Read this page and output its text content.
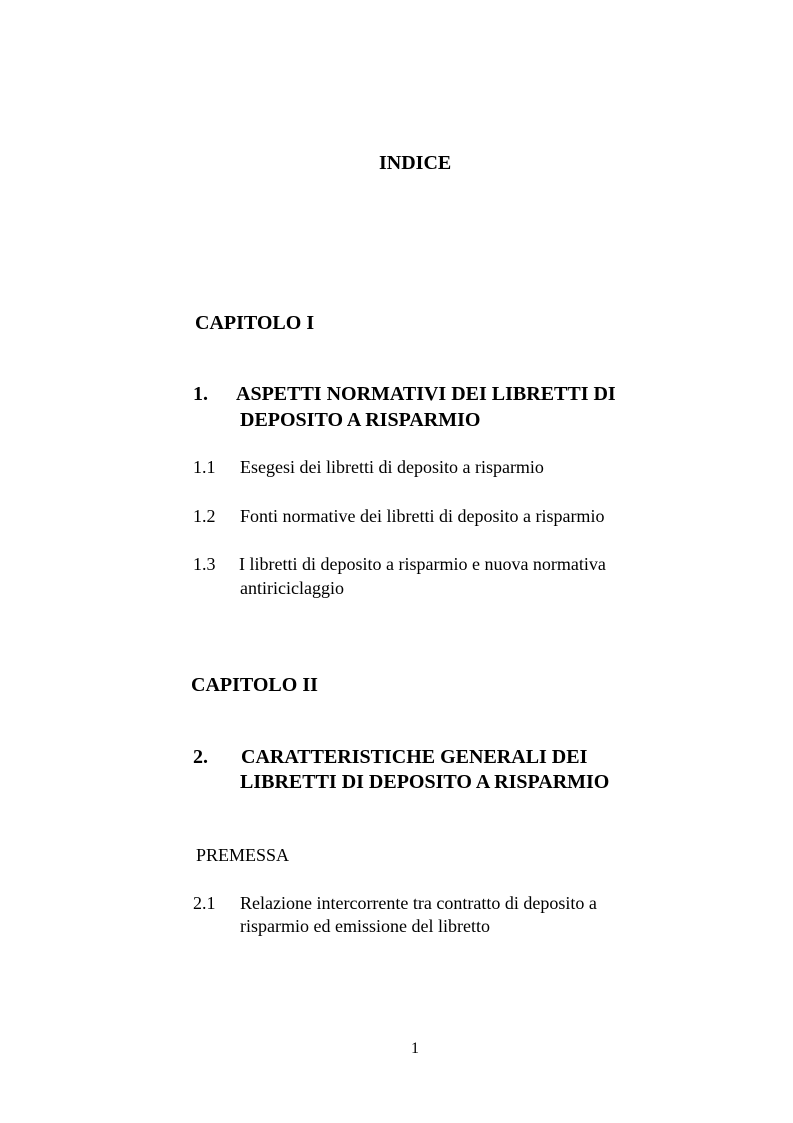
INDICE
CAPITOLO I
1. ASPETTI NORMATIVI DEI LIBRETTI DI
DEPOSITO A RISPARMIO
1.1 Esegesi dei libretti di deposito a risparmio
1.2 Fonti normative dei libretti di deposito a risparmio
1.3 I libretti di deposito a risparmio e nuova normativa
antiriciclaggio
CAPITOLO II
2. CARATTERISTICHE GENERALI DEI
LIBRETTI DI DEPOSITO A RISPARMIO
PREMESSA
2.1 Relazione intercorrente tra contratto di deposito a
risparmio ed emissione del libretto
1
